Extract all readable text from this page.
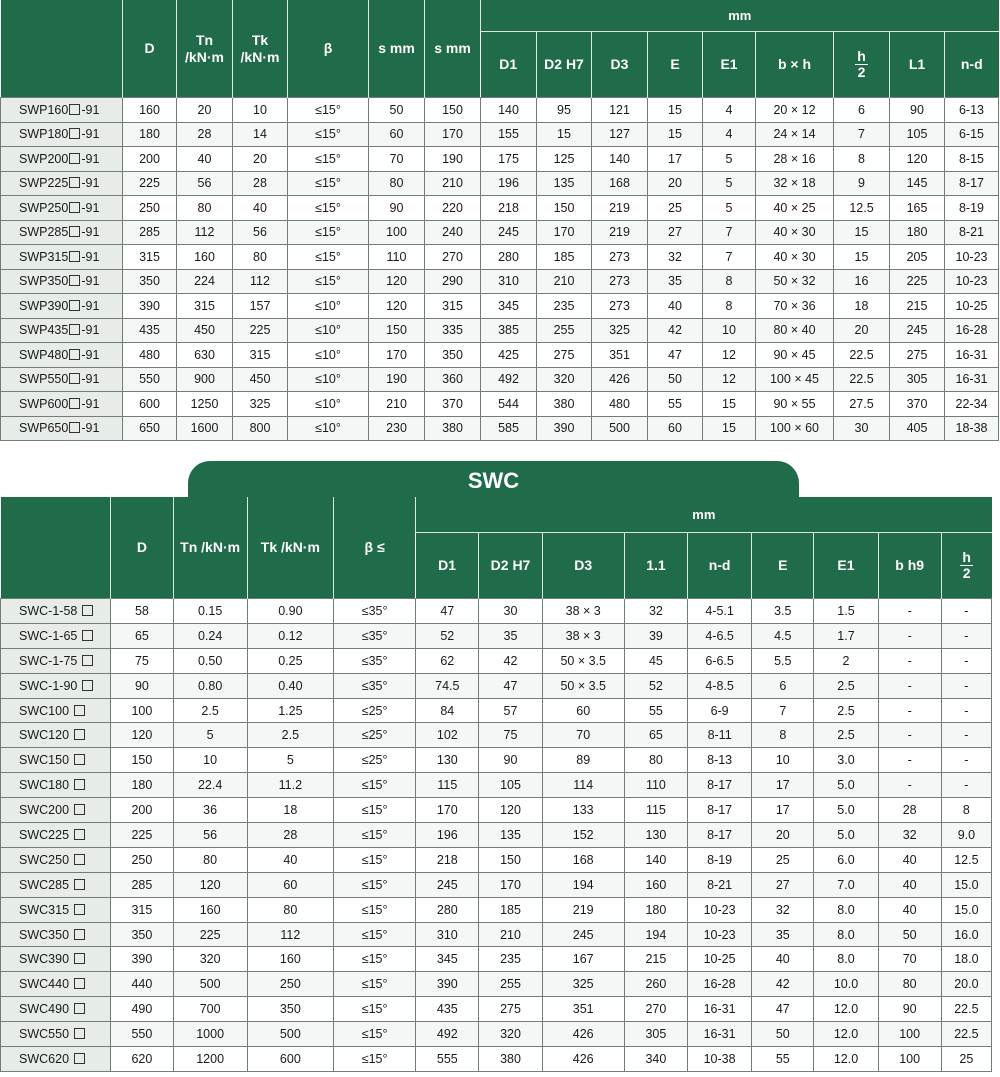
	D	Tn /kN·m	Tk /kN·m	β	s mm	s mm	mm								
							D1	D2 H7	D3	E	E1	b × h	$\frac{h}{2}$	L1	n-d
SWP160 -91	160	20	10	≤15°	50	150	140	95	121	15	4	20 × 12	6	90	6-13
SWP180 -91	180	28	14	≤15°	60	170	155	15	127	15	4	24 × 14	7	105	6-15
SWP200 -91	200	40	20	≤15°	70	190	175	125	140	17	5	28 × 16	8	120	8-15
SWP225 -91	225	56	28	≤15°	80	210	196	135	168	20	5	32 × 18	9	145	8-17
SWP250 -91	250	80	40	≤15°	90	220	218	150	219	25	5	40 × 25	12.5	165	8-19
SWP285 -91	285	112	56	≤15°	100	240	245	170	219	27	7	40 × 30	15	180	8-21
SWP315 -91	315	160	80	≤15°	110	270	280	185	273	32	7	40 × 30	15	205	10-23
SWP350 -91	350	224	112	≤15°	120	290	310	210	273	35	8	50 × 32	16	225	10-23
SWP390 -91	390	315	157	≤10°	120	315	345	235	273	40	8	70 × 36	18	215	10-25
SWP435 -91	435	450	225	≤10°	150	335	385	255	325	42	10	80 × 40	20	245	16-28
SWP480 -91	480	630	315	≤10°	170	350	425	275	351	47	12	90 × 45	22.5	275	16-31
SWP550 -91	550	900	450	≤10°	190	360	492	320	426	50	12	100 × 45	22.5	305	16-31
SWP600 -91	600	1250	325	≤10°	210	370	544	380	480	55	15	90 × 55	27.5	370	22-34
SWP650 -91	650	1600	800	≤10°	230	380	585	390	500	60	15	100 × 60	30	405	18-38
SWC
	D	Tn /kN·m	Tk /kN·m	β ≤	mm								
					D1	D2 H7	D3	1.1	n-d	E	E1	b h9	$\frac{h}{2}$

SWC-1-58	58	0.15	0.90	≤35°	47	30	38 × 3	32	4-5.1	3.5	1.5	-	-
SWC-1-65	65	0.24	0.12	≤35°	52	35	38 × 3	39	4-6.5	4.5	1.7	-	-
SWC-1-75	75	0.50	0.25	≤35°	62	42	50 × 3.5	45	6-6.5	5.5	2	-	-
SWC-1-90	90	0.80	0.40	≤35°	74.5	47	50 × 3.5	52	4-8.5	6	2.5	-	-
SWC100	100	2.5	1.25	≤25°	84	57	60	55	6-9	7	2.5	-	-
SWC120	120	5	2.5	≤25°	102	75	70	65	8-11	8	2.5	-	-
SWC150	150	10	5	≤25°	130	90	89	80	8-13	10	3.0	-	-
SWC180	180	22.4	11.2	≤15°	115	105	114	110	8-17	17	5.0	-	-
SWC200	200	36	18	≤15°	170	120	133	115	8-17	17	5.0	28	8
SWC225	225	56	28	≤15°	196	135	152	130	8-17	20	5.0	32	9.0
SWC250	250	80	40	≤15°	218	150	168	140	8-19	25	6.0	40	12.5
SWC285	285	120	60	≤15°	245	170	194	160	8-21	27	7.0	40	15.0
SWC315	315	160	80	≤15°	280	185	219	180	10-23	32	8.0	40	15.0
SWC350	350	225	112	≤15°	310	210	245	194	10-23	35	8.0	50	16.0
SWC390	390	320	160	≤15°	345	235	167	215	10-25	40	8.0	70	18.0
SWC440	440	500	250	≤15°	390	255	325	260	16-28	42	10.0	80	20.0
SWC490	490	700	350	≤15°	435	275	351	270	16-31	47	12.0	90	22.5
SWC550	550	1000	500	≤15°	492	320	426	305	16-31	50	12.0	100	22.5
SWC620	620	1200	600	≤15°	555	380	426	340	10-38	55	12.0	100	25
